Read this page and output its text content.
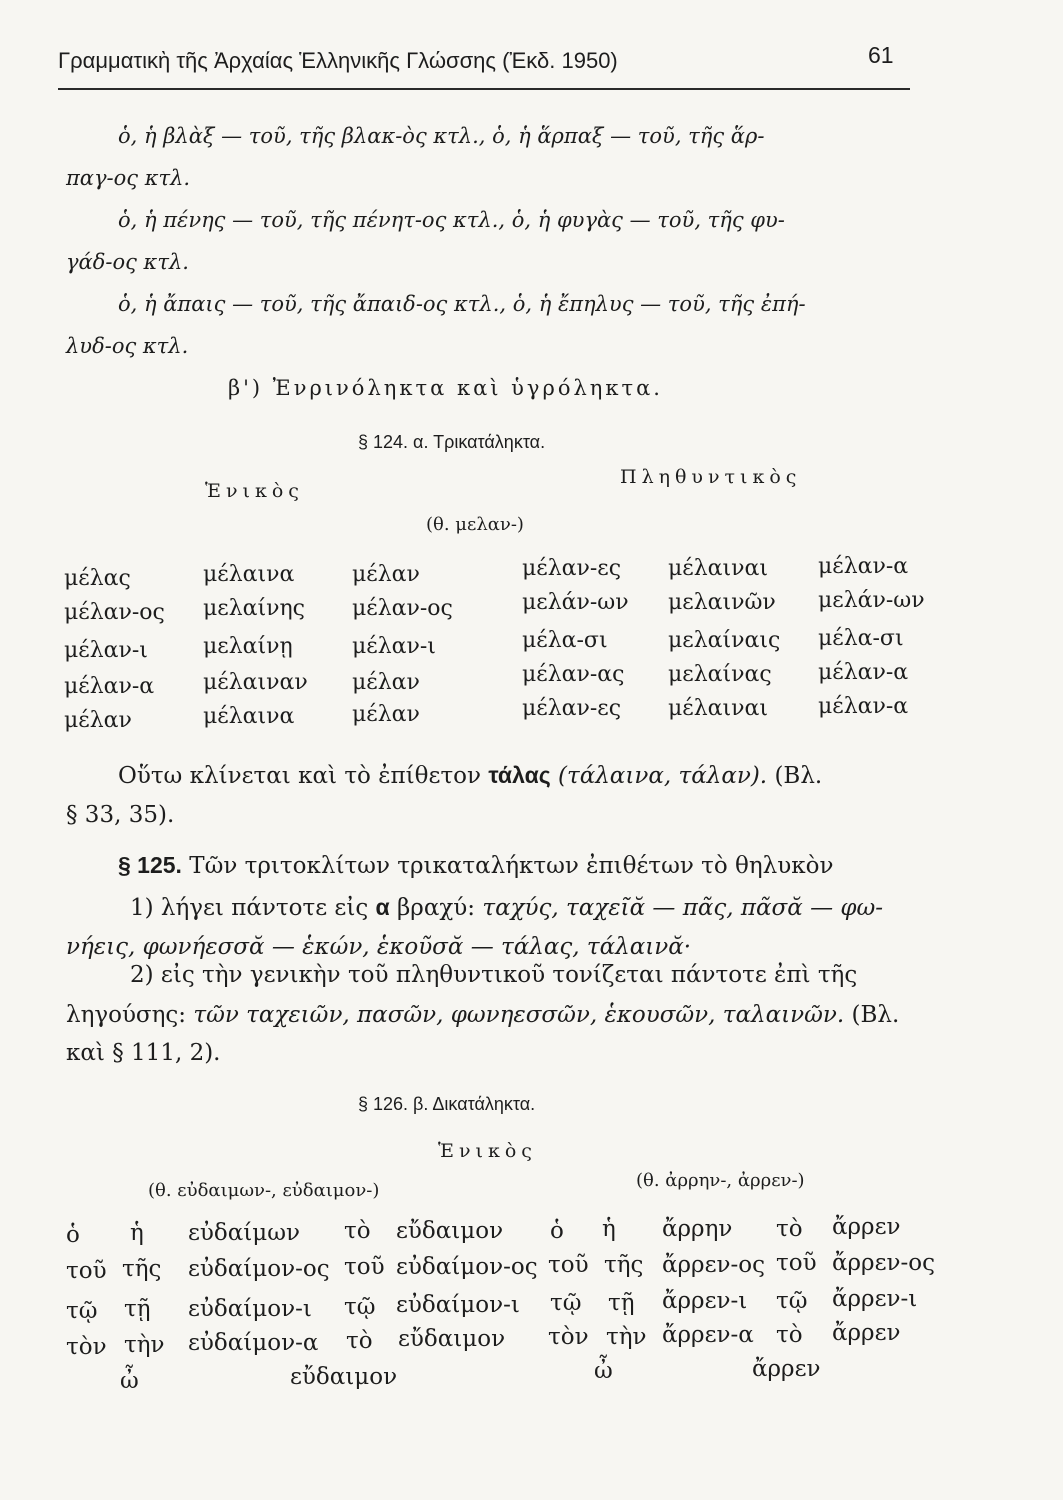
Γραμματικὴ τῆς Ἀρχαίας Ἑλληνικῆς Γλώσσης (Ἐκδ. 1950)	61
ὁ, ἡ βλὰξ — τοῦ, τῆς βλακ-ὸς κτλ., ὁ, ἡ ἅρπαξ — τοῦ, τῆς ἅρ-
παγ-ος κτλ.
ὁ, ἡ πένης — τοῦ, τῆς πένητ-ος κτλ., ὁ, ἡ φυγὰς — τοῦ, τῆς φυ-
γάδ-ος κτλ.
ὁ, ἡ ἄπαις — τοῦ, τῆς ἄπαιδ-ος κτλ., ὁ, ἡ ἔπηλυς — τοῦ, τῆς ἐπή-
λυδ-ος κτλ.
β') Ἐνρινόληκτα καὶ ὑγρόληκτα.
§ 124. α. Τρικατάληκτα.
Ἑνικὸς
Πληθυντικὸς
(θ. μελαν-)
μέλας	μέλαινα	μέλαν	μέλαν-ες μέλαιναι μέλαν-α
μέλαν-ος μελαίνης μέλαν-ος	μελάν-ων μελαινῶν μελάν-ων
μέλαν-ι	μελαίνῃ	μέλαν-ι	μέλα-σι	μελαίναις μέλα-σι
μέλαν-α μέλαιναν μέλαν	μέλαν-ας μελαίνας μέλαν-α
μέλαν	μέλαινα	μέλαν	μέλαν-ες μέλαιναι μέλαν-α
Οὕτω κλίνεται καὶ τὸ ἐπίθετον τάλας (τάλαινα, τάλαν). (Βλ.
§ 33, 35).
§ 125. Τῶν τριτοκλίτων τρικαταλήκτων ἐπιθέτων τὸ θηλυκὸν
1) λήγει πάντοτε εἰς α βραχύ: ταχύς, ταχεῖᾰ — πᾶς, πᾶσᾰ — φω-
νήεις, φωνήεσσᾰ — ἑκών, ἑκοῦσᾰ — τάλας, τάλαινᾰ·
2) εἰς τὴν γενικὴν τοῦ πληθυντικοῦ τονίζεται πάντοτε ἐπὶ τῆς
ληγούσης: τῶν ταχειῶν, πασῶν, φωνηεσσῶν, ἑκουσῶν, ταλαινῶν. (Βλ.
καὶ § 111, 2).
§ 126. β. Δικατάληκτα.
Ἑνικὸς
(θ. εὐδαιμων-, εὐδαιμον-)	(θ. ἀρρην-, ἀρρεν-)
ὁ ἡ εὐδαίμων τὸ εὔδαιμον ὁ ἡ ἄρρην τὸ ἄρρεν
τοῦ τῆς εὐδαίμον-ος τοῦ εὐδαίμον-ος τοῦ τῆς ἄρρεν-ος τοῦ ἄρρεν-ος
τῷ τῇ εὐδαίμον-ι τῷ εὐδαίμον-ι τῷ τῇ ἄρρεν-ι τῷ ἄρρεν-ι
τὸν τὴν εὐδαίμον-α τὸ εὔδαιμον τὸν τὴν ἄρρεν-α τὸ ἄρρεν
ὦ	εὔδαιμον	ὦ	ἄρρεν
